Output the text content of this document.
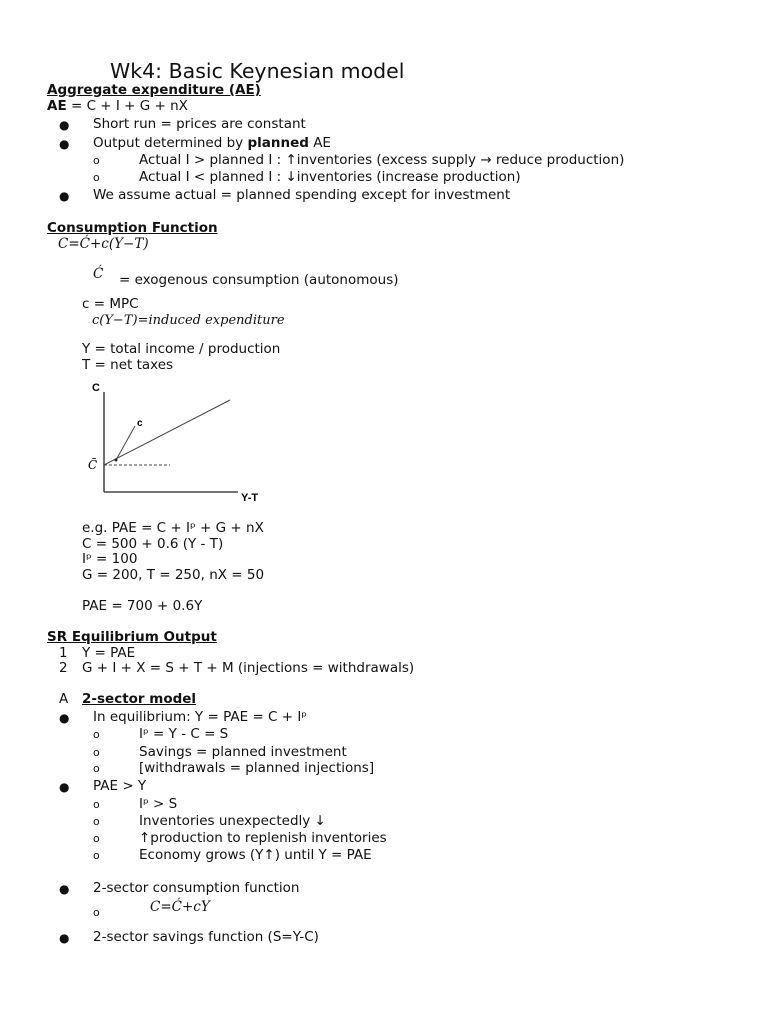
Wk4: Basic Keynesian model
Aggregate expenditure (AE)
AE = C + I + G + nX
● Short run = prices are constant
● Output determined by planned AE
o	Actual I > planned I : ↑inventories (excess supply → reduce production)
o	Actual I < planned I : ↓inventories (increase production)
● We assume actual = planned spending except for investment
Consumption Function
C=Ć+c(Y−T)
Ć = exogenous consumption (autonomous)
c = MPC
c(Y−T)=induced expenditure
Y = total income / production
T = net taxes
C
c
Y-T
C̄
e.g. PAE = C + Iᵖ + G + nX
C = 500 + 0.6 (Y - T)
Iᵖ = 100
G = 200, T = 250, nX = 50
PAE = 700 + 0.6Y
SR Equilibrium Output
1 Y = PAE
2 G + I + X = S + T + M (injections = withdrawals)
A 2-sector model
● In equilibrium: Y = PAE = C + Iᵖ
o	Iᵖ = Y - C = S
o	Savings = planned investment
o	[withdrawals = planned injections]
● PAE > Y
o	Iᵖ > S
o	Inventories unexpectedly ↓
o	↑production to replenish inventories
o	Economy grows (Y↑) until Y = PAE
● 2-sector consumption function
o	C=Ć+cY
● 2-sector savings function (S=Y-C)
